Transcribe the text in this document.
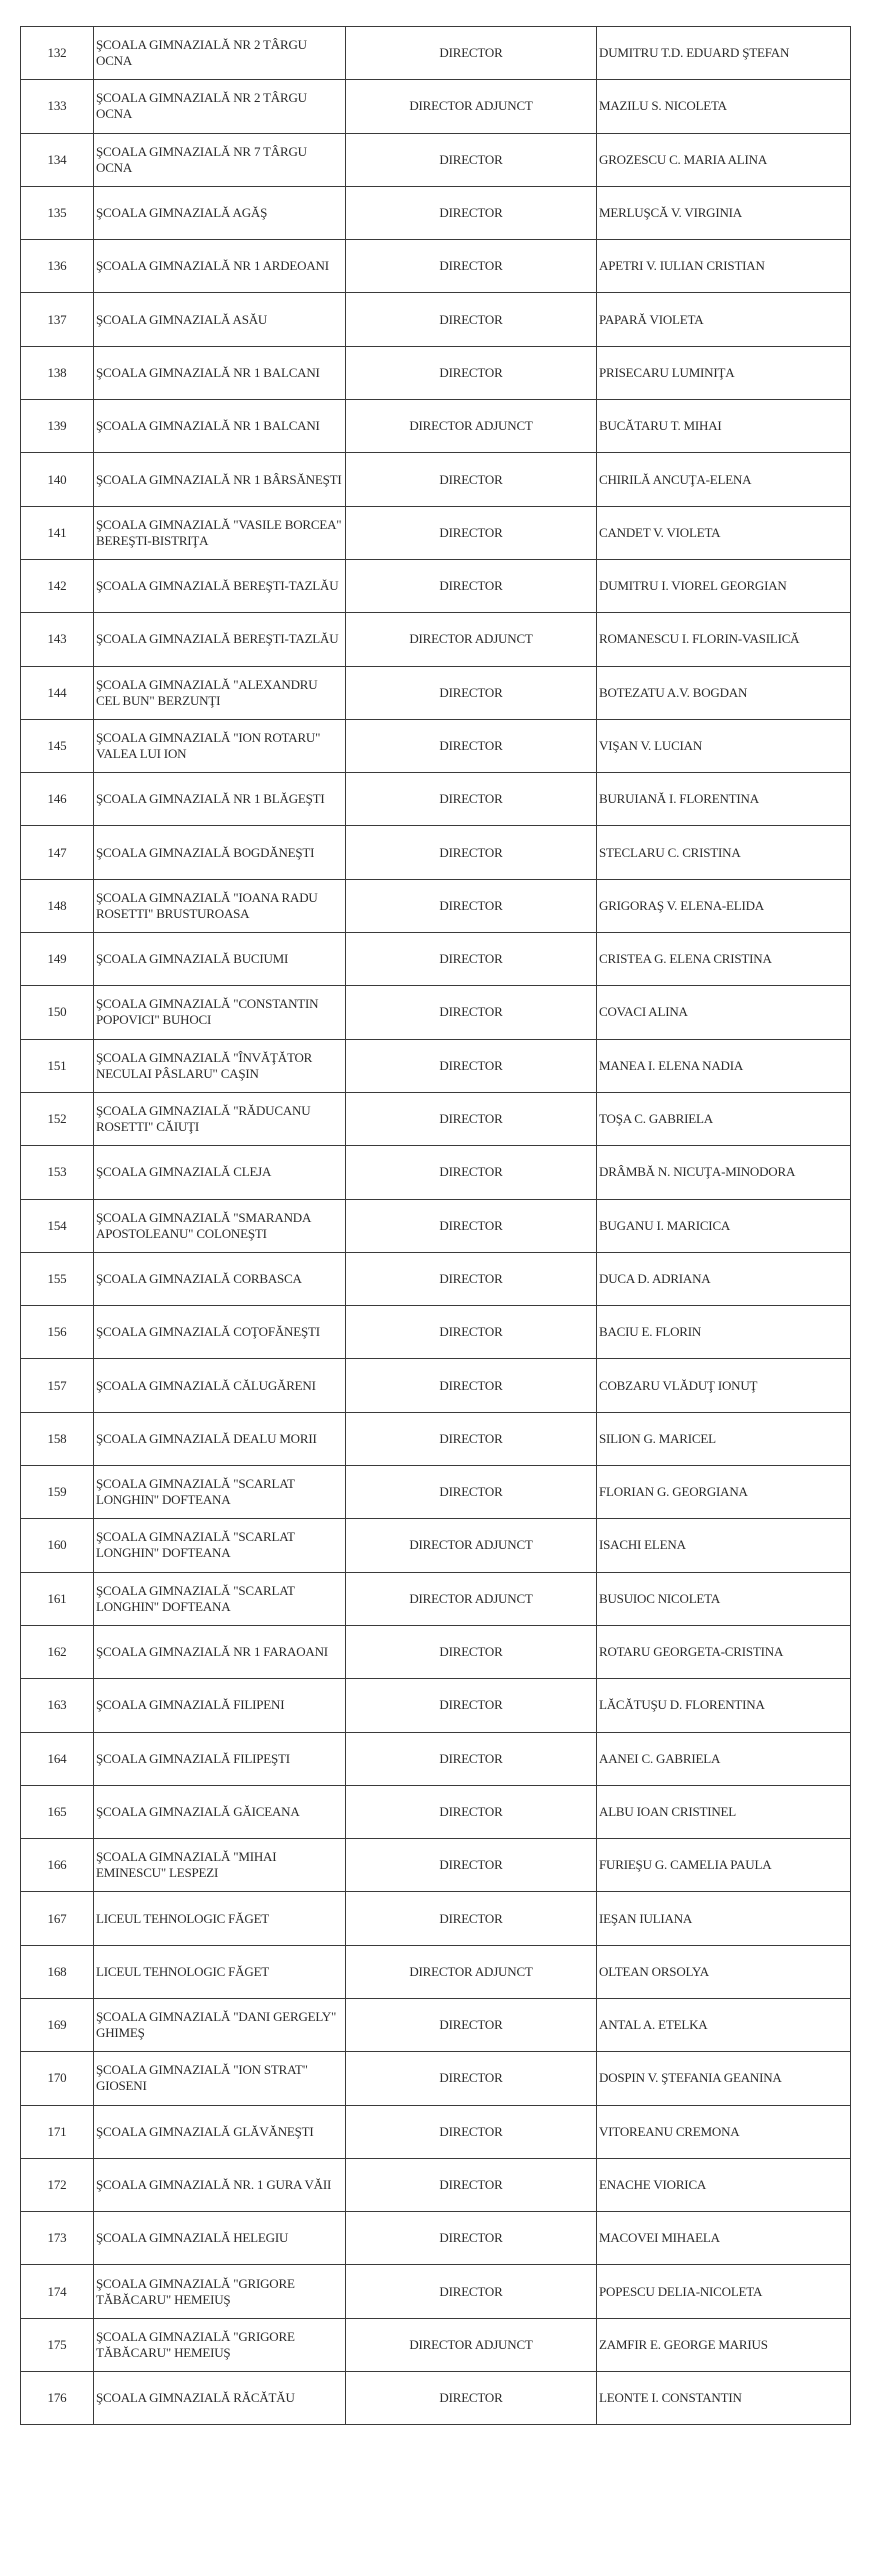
132	ŞCOALA GIMNAZIALĂ NR 2 TÂRGU OCNA	DIRECTOR	DUMITRU T.D. EDUARD ŞTEFAN
133	ŞCOALA GIMNAZIALĂ NR 2 TÂRGU OCNA	DIRECTOR ADJUNCT	MAZILU S. NICOLETA
134	ŞCOALA GIMNAZIALĂ NR 7 TÂRGU OCNA	DIRECTOR	GROZESCU C. MARIA ALINA
135	ŞCOALA GIMNAZIALĂ AGĂŞ	DIRECTOR	MERLUŞCĂ V. VIRGINIA
136	ŞCOALA GIMNAZIALĂ NR 1 ARDEOANI	DIRECTOR	APETRI V. IULIAN CRISTIAN
137	ŞCOALA GIMNAZIALĂ ASĂU	DIRECTOR	PAPARĂ VIOLETA
138	ŞCOALA GIMNAZIALĂ NR 1 BALCANI	DIRECTOR	PRISECARU LUMINIŢA
139	ŞCOALA GIMNAZIALĂ NR 1 BALCANI	DIRECTOR ADJUNCT	BUCĂTARU T. MIHAI
140	ŞCOALA GIMNAZIALĂ NR 1 BÂRSĂNEŞTI	DIRECTOR	CHIRILĂ ANCUŢA-ELENA
141	ŞCOALA GIMNAZIALĂ "VASILE BORCEA" BEREŞTI-BISTRIŢA	DIRECTOR	CANDET V. VIOLETA
142	ŞCOALA GIMNAZIALĂ BEREŞTI-TAZLĂU	DIRECTOR	DUMITRU I. VIOREL GEORGIAN
143	ŞCOALA GIMNAZIALĂ BEREŞTI-TAZLĂU	DIRECTOR ADJUNCT	ROMANESCU I. FLORIN-VASILICĂ
144	ŞCOALA GIMNAZIALĂ "ALEXANDRU CEL BUN" BERZUNŢI	DIRECTOR	BOTEZATU A.V. BOGDAN
145	ŞCOALA GIMNAZIALĂ "ION ROTARU" VALEA LUI ION	DIRECTOR	VIŞAN V. LUCIAN
146	ŞCOALA GIMNAZIALĂ NR 1 BLĂGEŞTI	DIRECTOR	BURUIANĂ I. FLORENTINA
147	ŞCOALA GIMNAZIALĂ BOGDĂNEŞTI	DIRECTOR	STECLARU C. CRISTINA
148	ŞCOALA GIMNAZIALĂ "IOANA RADU ROSETTI" BRUSTUROASA	DIRECTOR	GRIGORAŞ V. ELENA-ELIDA
149	ŞCOALA GIMNAZIALĂ BUCIUMI	DIRECTOR	CRISTEA G. ELENA CRISTINA
150	ŞCOALA GIMNAZIALĂ "CONSTANTIN POPOVICI" BUHOCI	DIRECTOR	COVACI ALINA
151	ŞCOALA GIMNAZIALĂ "ÎNVĂŢĂTOR NECULAI PÂSLARU" CAŞIN	DIRECTOR	MANEA I. ELENA NADIA
152	ŞCOALA GIMNAZIALĂ "RĂDUCANU ROSETTI" CĂIUŢI	DIRECTOR	TOŞA C. GABRIELA
153	ŞCOALA GIMNAZIALĂ CLEJA	DIRECTOR	DRÂMBĂ N. NICUŢA-MINODORA
154	ŞCOALA GIMNAZIALĂ "SMARANDA APOSTOLEANU" COLONEŞTI	DIRECTOR	BUGANU I. MARICICA
155	ŞCOALA GIMNAZIALĂ CORBASCA	DIRECTOR	DUCA D. ADRIANA
156	ŞCOALA GIMNAZIALĂ COŢOFĂNEŞTI	DIRECTOR	BACIU E. FLORIN
157	ŞCOALA GIMNAZIALĂ CĂLUGĂRENI	DIRECTOR	COBZARU VLĂDUŢ IONUŢ
158	ŞCOALA GIMNAZIALĂ DEALU MORII	DIRECTOR	SILION G. MARICEL
159	ŞCOALA GIMNAZIALĂ "SCARLAT LONGHIN" DOFTEANA	DIRECTOR	FLORIAN G. GEORGIANA
160	ŞCOALA GIMNAZIALĂ "SCARLAT LONGHIN" DOFTEANA	DIRECTOR ADJUNCT	ISACHI ELENA
161	ŞCOALA GIMNAZIALĂ "SCARLAT LONGHIN" DOFTEANA	DIRECTOR ADJUNCT	BUSUIOC NICOLETA
162	ŞCOALA GIMNAZIALĂ NR 1 FARAOANI	DIRECTOR	ROTARU GEORGETA-CRISTINA
163	ŞCOALA GIMNAZIALĂ FILIPENI	DIRECTOR	LĂCĂTUŞU D. FLORENTINA
164	ŞCOALA GIMNAZIALĂ FILIPEŞTI	DIRECTOR	AANEI C. GABRIELA
165	ŞCOALA GIMNAZIALĂ GĂICEANA	DIRECTOR	ALBU IOAN CRISTINEL
166	ŞCOALA GIMNAZIALĂ "MIHAI EMINESCU" LESPEZI	DIRECTOR	FURIEŞU G. CAMELIA PAULA
167	LICEUL TEHNOLOGIC FĂGET	DIRECTOR	IEŞAN IULIANA
168	LICEUL TEHNOLOGIC FĂGET	DIRECTOR ADJUNCT	OLTEAN ORSOLYA
169	ŞCOALA GIMNAZIALĂ "DANI GERGELY" GHIMEŞ	DIRECTOR	ANTAL A. ETELKA
170	ŞCOALA GIMNAZIALĂ "ION STRAT" GIOSENI	DIRECTOR	DOSPIN V. ŞTEFANIA GEANINA
171	ŞCOALA GIMNAZIALĂ GLĂVĂNEŞTI	DIRECTOR	VITOREANU CREMONA
172	ŞCOALA GIMNAZIALĂ NR. 1 GURA VĂII	DIRECTOR	ENACHE VIORICA
173	ŞCOALA GIMNAZIALĂ HELEGIU	DIRECTOR	MACOVEI MIHAELA
174	ŞCOALA GIMNAZIALĂ "GRIGORE TĂBĂCARU" HEMEIUŞ	DIRECTOR	POPESCU DELIA-NICOLETA
175	ŞCOALA GIMNAZIALĂ "GRIGORE TĂBĂCARU" HEMEIUŞ	DIRECTOR ADJUNCT	ZAMFIR E. GEORGE MARIUS
176	ŞCOALA GIMNAZIALĂ RĂCĂTĂU	DIRECTOR	LEONTE I. CONSTANTIN
